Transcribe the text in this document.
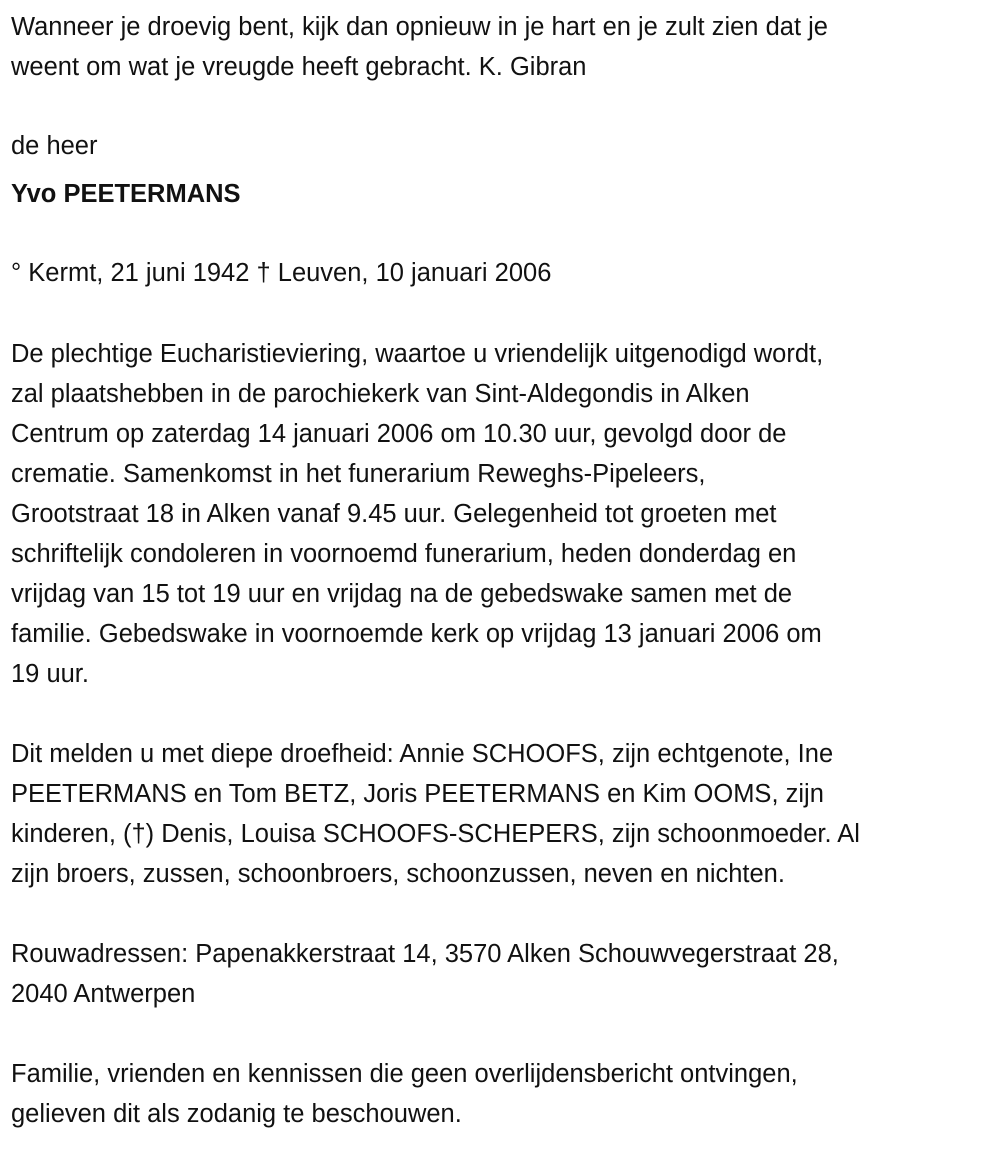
Wanneer je droevig bent, kijk dan opnieuw in je hart en je zult zien dat je
weent om wat je vreugde heeft gebracht. K. Gibran
de heer
Yvo PEETERMANS
° Kermt, 21 juni 1942 † Leuven, 10 januari 2006
De plechtige Eucharistieviering, waartoe u vriendelijk uitgenodigd wordt,
zal plaatshebben in de parochiekerk van Sint-Aldegondis in Alken
Centrum op zaterdag 14 januari 2006 om 10.30 uur, gevolgd door de
crematie. Samenkomst in het funerarium Reweghs-Pipeleers,
Grootstraat 18 in Alken vanaf 9.45 uur. Gelegenheid tot groeten met
schriftelijk condoleren in voornoemd funerarium, heden donderdag en
vrijdag van 15 tot 19 uur en vrijdag na de gebedswake samen met de
familie. Gebedswake in voornoemde kerk op vrijdag 13 januari 2006 om
19 uur.
Dit melden u met diepe droefheid: Annie SCHOOFS, zijn echtgenote, Ine
PEETERMANS en Tom BETZ, Joris PEETERMANS en Kim OOMS, zijn
kinderen, (†) Denis, Louisa SCHOOFS-SCHEPERS, zijn schoonmoeder. Al
zijn broers, zussen, schoonbroers, schoonzussen, neven en nichten.
Rouwadressen: Papenakkerstraat 14, 3570 Alken Schouwvegerstraat 28,
2040 Antwerpen
Familie, vrienden en kennissen die geen overlijdensbericht ontvingen,
gelieven dit als zodanig te beschouwen.
